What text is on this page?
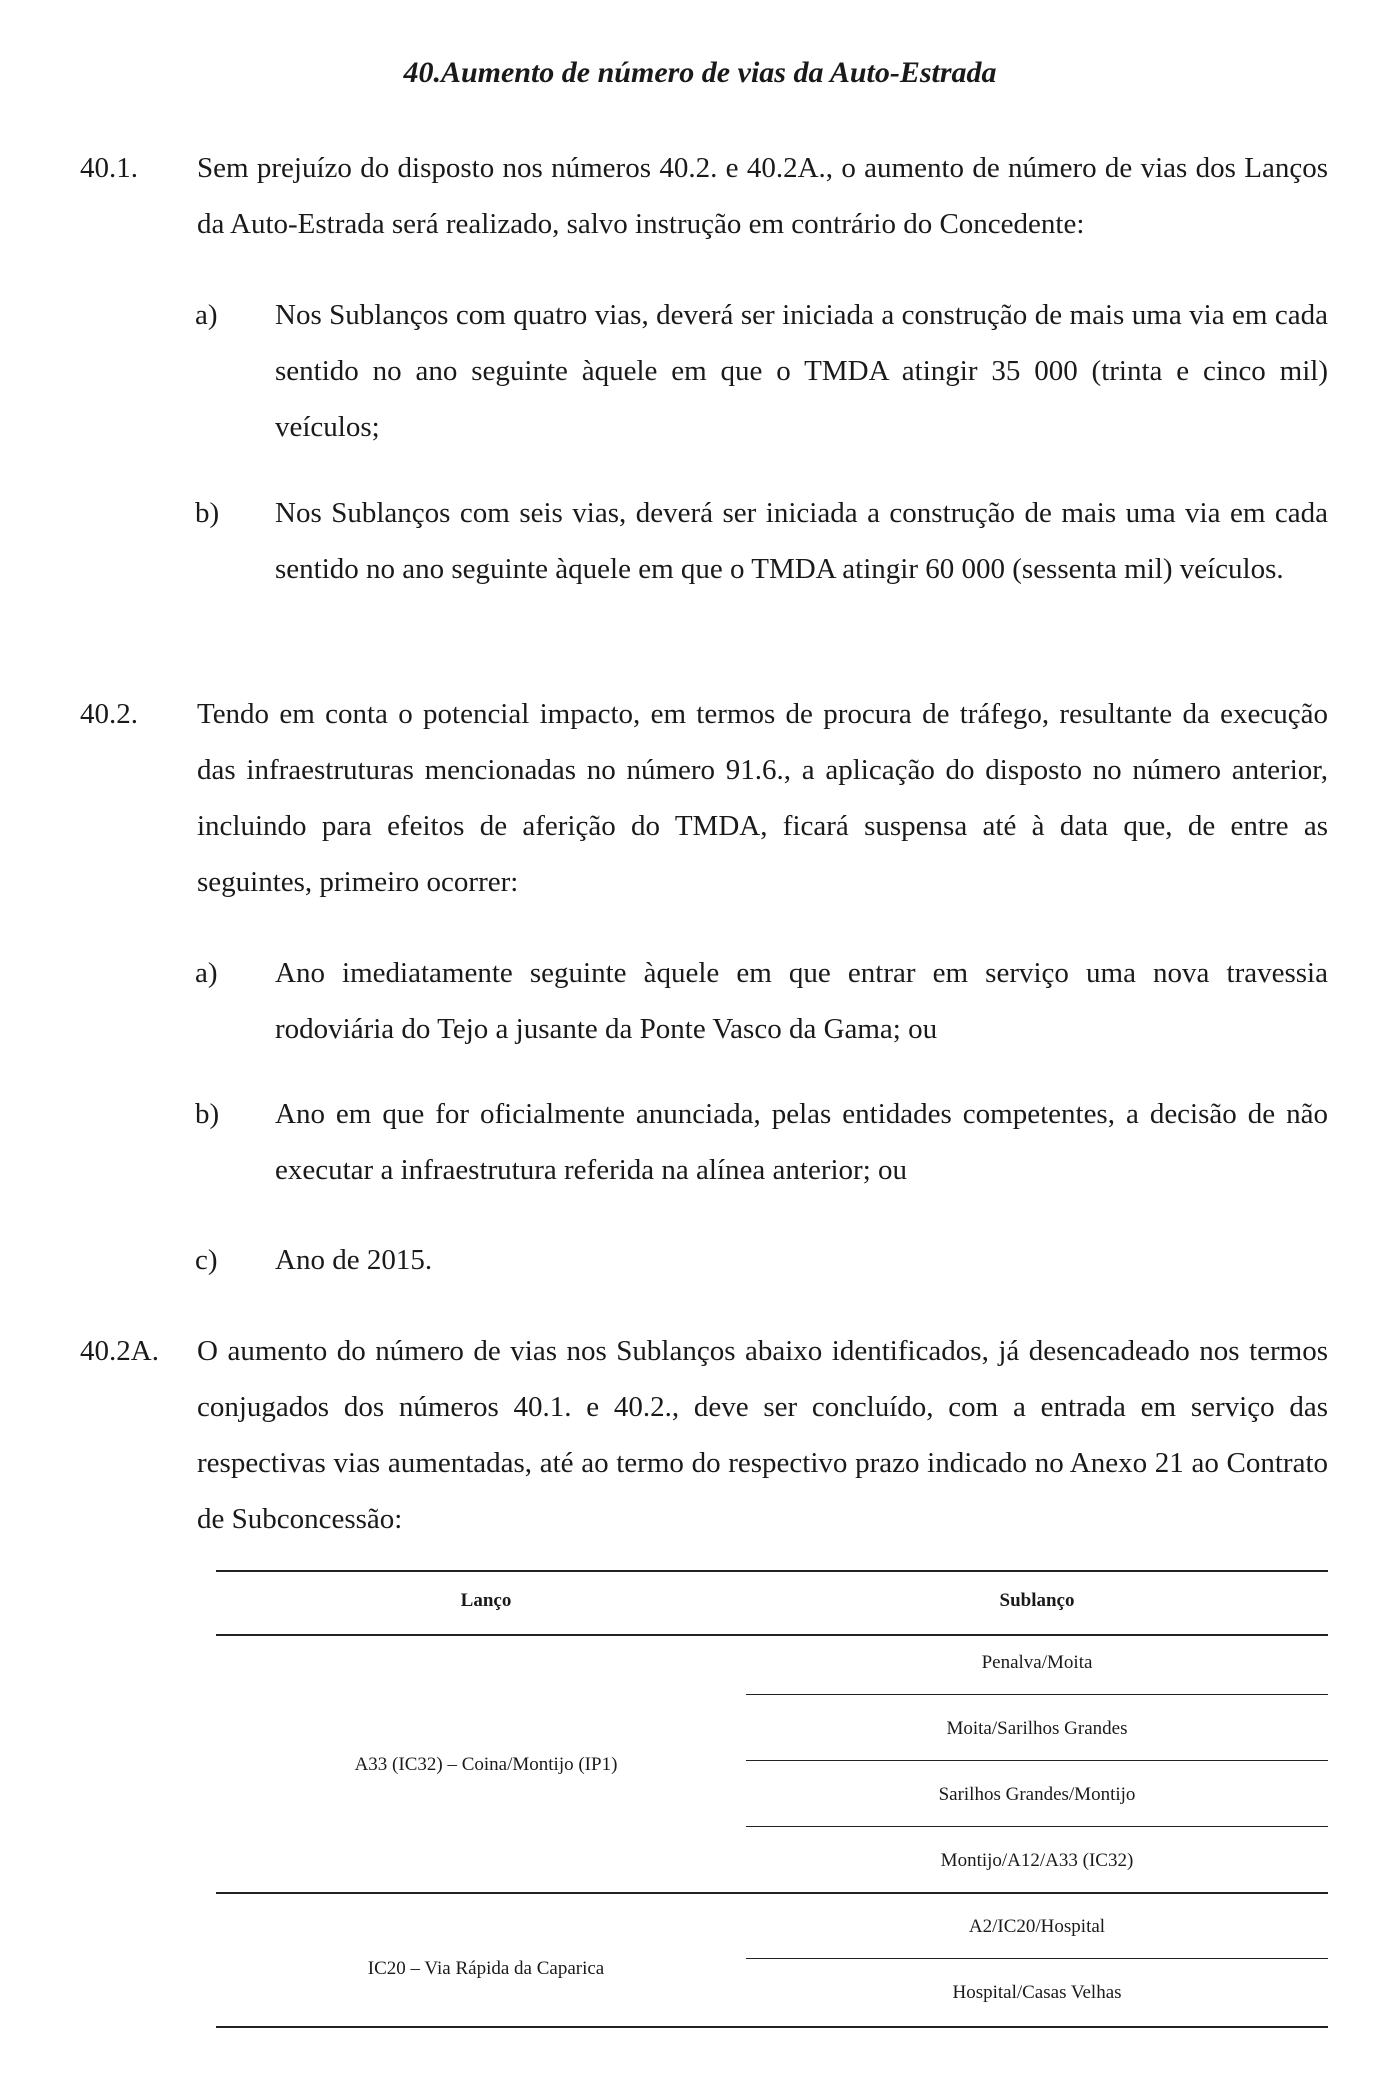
40.Aumento de número de vias da Auto-Estrada
40.1. Sem prejuízo do disposto nos números 40.2. e 40.2A., o aumento de número de vias dos Lanços da Auto-Estrada será realizado, salvo instrução em contrário do Concedente:
a) Nos Sublanços com quatro vias, deverá ser iniciada a construção de mais uma via em cada sentido no ano seguinte àquele em que o TMDA atingir 35 000 (trinta e cinco mil) veículos;
b) Nos Sublanços com seis vias, deverá ser iniciada a construção de mais uma via em cada sentido no ano seguinte àquele em que o TMDA atingir 60 000 (sessenta mil) veículos.
40.2. Tendo em conta o potencial impacto, em termos de procura de tráfego, resultante da execução das infraestruturas mencionadas no número 91.6., a aplicação do disposto no número anterior, incluindo para efeitos de aferição do TMDA, ficará suspensa até à data que, de entre as seguintes, primeiro ocorrer:
a) Ano imediatamente seguinte àquele em que entrar em serviço uma nova travessia rodoviária do Tejo a jusante da Ponte Vasco da Gama; ou
b) Ano em que for oficialmente anunciada, pelas entidades competentes, a decisão de não executar a infraestrutura referida na alínea anterior; ou
c) Ano de 2015.
40.2A. O aumento do número de vias nos Sublanços abaixo identificados, já desencadeado nos termos conjugados dos números 40.1. e 40.2., deve ser concluído, com a entrada em serviço das respectivas vias aumentadas, até ao termo do respectivo prazo indicado no Anexo 21 ao Contrato de Subconcessão:
Lanço	Sublanço
A33 (IC32) – Coina/Montijo (IP1)
Penalva/Moita
Moita/Sarilhos Grandes
Sarilhos Grandes/Montijo
Montijo/A12/A33 (IC32)
IC20 – Via Rápida da Caparica
A2/IC20/Hospital
Hospital/Casas Velhas
